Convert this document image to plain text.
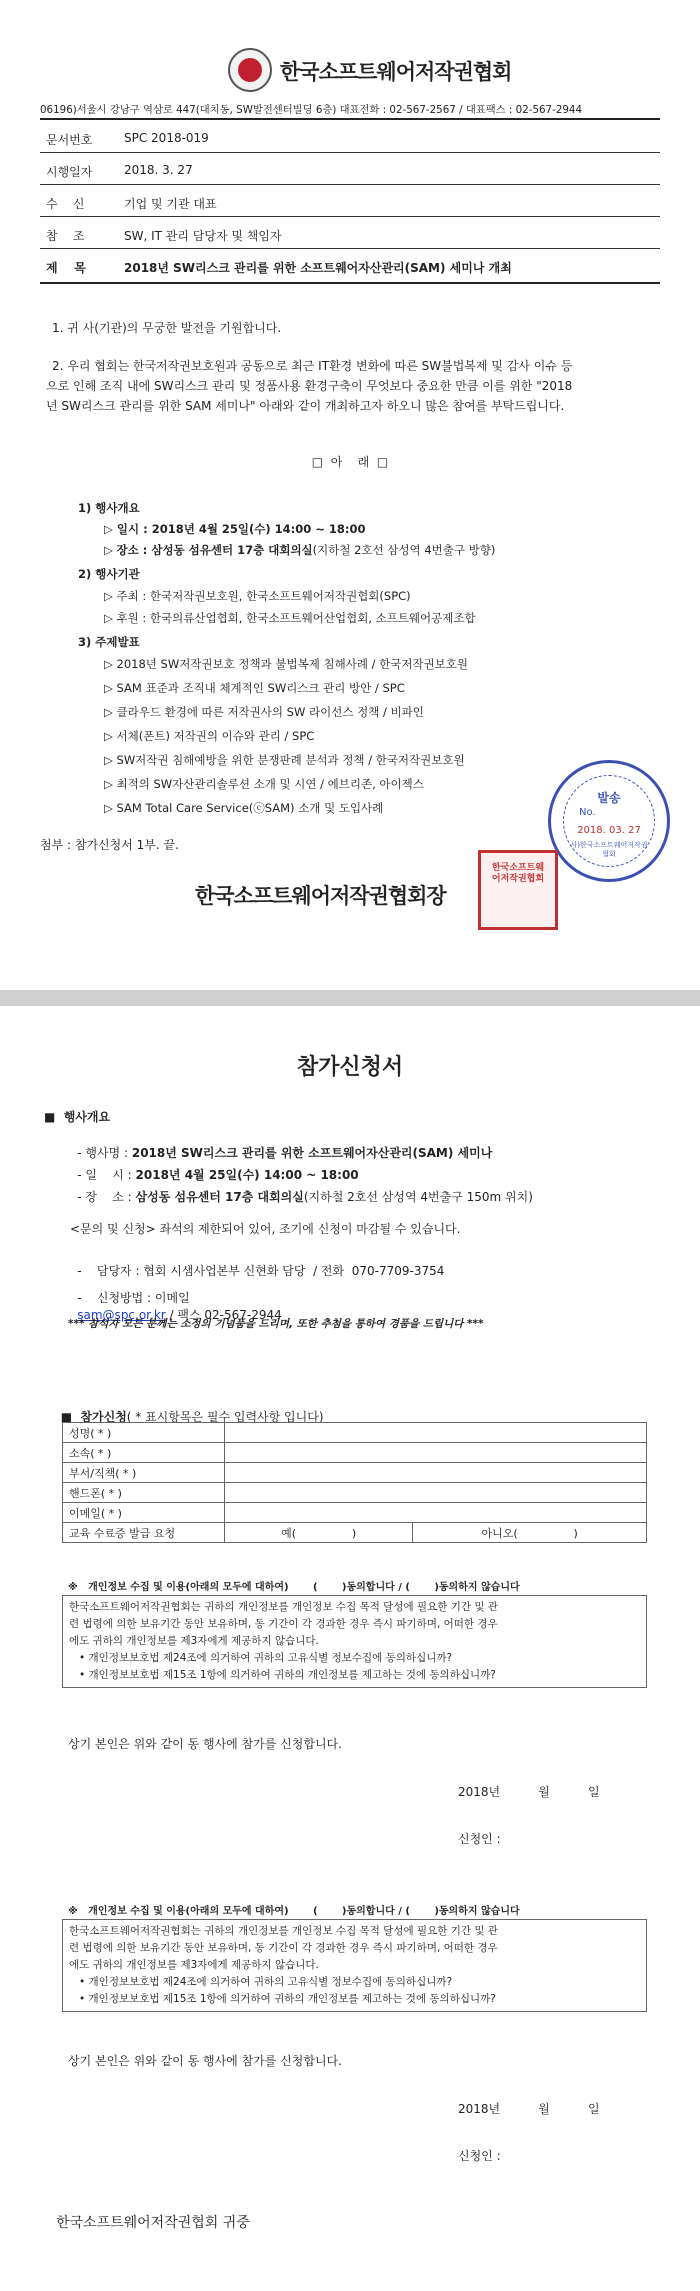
한국소프트웨어저작권협회
06196)서울시 강남구 역삼로 447(대치동, SW발전센터빌딩 6층) 대표전화 : 02-567-2567 / 대표팩스 : 02-567-2944
문서번호	SPC 2018-019
시행일자	2018. 3. 27
수    신	기업 및 기관 대표
참    조	SW, IT 관리 담당자 및 책임자
제    목	2018년 SW리스크 관리를 위한 소프트웨어자산관리(SAM) 세미나 개최
1. 귀 사(기관)의 무궁한 발전을 기원합니다.
2. 우리 협회는 한국저작권보호원과 공동으로 최근 IT환경 변화에 따른 SW불법복제 및 감사 이슈 등
으로 인해 조직 내에 SW리스크 관리 및 정품사용 환경구축이 무엇보다 중요한 만큼 이를 위한 "2018
년 SW리스크 관리를 위한 SAM 세미나" 아래와 같이 개최하고자 하오니 많은 참여를 부탁드립니다.
□  아    래  □
1) 행사개요
▷ 일시 : 2018년 4월 25일(수) 14:00 ~ 18:00
▷ 장소 : 삼성동 섬유센터 17층 대회의실(지하철 2호선 삼성역 4번출구 방향)
2) 행사기관
▷ 주최 : 한국저작권보호원, 한국소프트웨어저작권협회(SPC)
▷ 후원 : 한국의류산업협회, 한국소프트웨어산업협회, 소프트웨어공제조합
3) 주제발표
▷ 2018년 SW저작권보호 정책과 불법복제 침해사례 / 한국저작권보호원
▷ SAM 표준과 조직내 체계적인 SW리스크 관리 방안 / SPC
▷ 클라우드 환경에 따른 저작권사의 SW 라이선스 정책 / 비파인
▷ 서체(폰트) 저작권의 이슈와 관리 / SPC
▷ SW저작권 침해예방을 위한 분쟁판례 분석과 정책 / 한국저작권보호원
▷ 최적의 SW자산관리솔루션 소개 및 시연 / 에브리존, 아이젝스
▷ SAM Total Care Service(ⓒSAM) 소개 및 도입사례
첨부 : 참가신청서 1부. 끝.
한국소프트웨어저작권협회장
발송
No.
2018. 03. 27
사)한국소프트웨어저작권협회
한국소프트웨어저작권협회
참가신청서
■  행사개요

- 행사명 : 2018년 SW리스크 관리를 위한 소프트웨어자산관리(SAM) 세미나

- 일    시 : 2018년 4월 25일(수) 14:00 ~ 18:00

- 장    소 : 삼성동 섬유센터 17층 대회의실(지하철 2호선 삼성역 4번출구 150m 위치)

<문의 및 신청> 좌석의 제한되어 있어, 조기에 신청이 마감될 수 있습니다.

-    담당자 : 협회 시샘사업본부 신현화 담당  / 전화  070-7709-3754

-    신청방법 : 이메일
sam@spc.or.kr / 팩스 02-567-2944

*** 참석자 모든 분께는 소정의 기념품을 드리며, 또한 추첨을 통하여 경품을 드립니다 ***

■  참가신청( * 표시항목은 필수 입력사항 입니다)

성명( * )		
소속( * )		
부서/직책( * )		
핸드폰( * )		
이메일( * )		
교육 수료증 발급 요청	예(                )	아니오(                )
※   개인정보 수집 및 이용(아래의 모두에 대하여)       (       )동의합니다 / (       )동의하지 않습니다
한국소프트웨어저작권협회는 귀하의 개인정보를 개인정보 수집 목적 달성에 필요한 기간 및 관
련 법령에 의한 보유기간 동안 보유하며, 동 기간이 각 경과한 경우 즉시 파기하며, 어떠한 경우
에도 귀하의 개인정보를 제3자에게 제공하지 않습니다.
• 개인정보보호법 제24조에 의거하여 귀하의 고유식별 정보수집에 동의하십니까?
• 개인정보보호법 제15조 1항에 의거하여 귀하의 개인정보를 제고하는 것에 동의하십니까?
상기 본인은 위와 같이 동 행사에 참가를 신청합니다.
2018년          월          일
신청인 :
※   개인정보 수집 및 이용(아래의 모두에 대하여)       (       )동의합니다 / (       )동의하지 않습니다
한국소프트웨어저작권협회는 귀하의 개인정보를 개인정보 수집 목적 달성에 필요한 기간 및 관
련 법령에 의한 보유기간 동안 보유하며, 동 기간이 각 경과한 경우 즉시 파기하며, 어떠한 경우
에도 귀하의 개인정보를 제3자에게 제공하지 않습니다.
• 개인정보보호법 제24조에 의거하여 귀하의 고유식별 정보수집에 동의하십니까?
• 개인정보보호법 제15조 1항에 의거하여 귀하의 개인정보를 제고하는 것에 동의하십니까?
상기 본인은 위와 같이 동 행사에 참가를 신청합니다.
2018년          월          일
신청인 :
한국소프트웨어저작권협회 귀중
